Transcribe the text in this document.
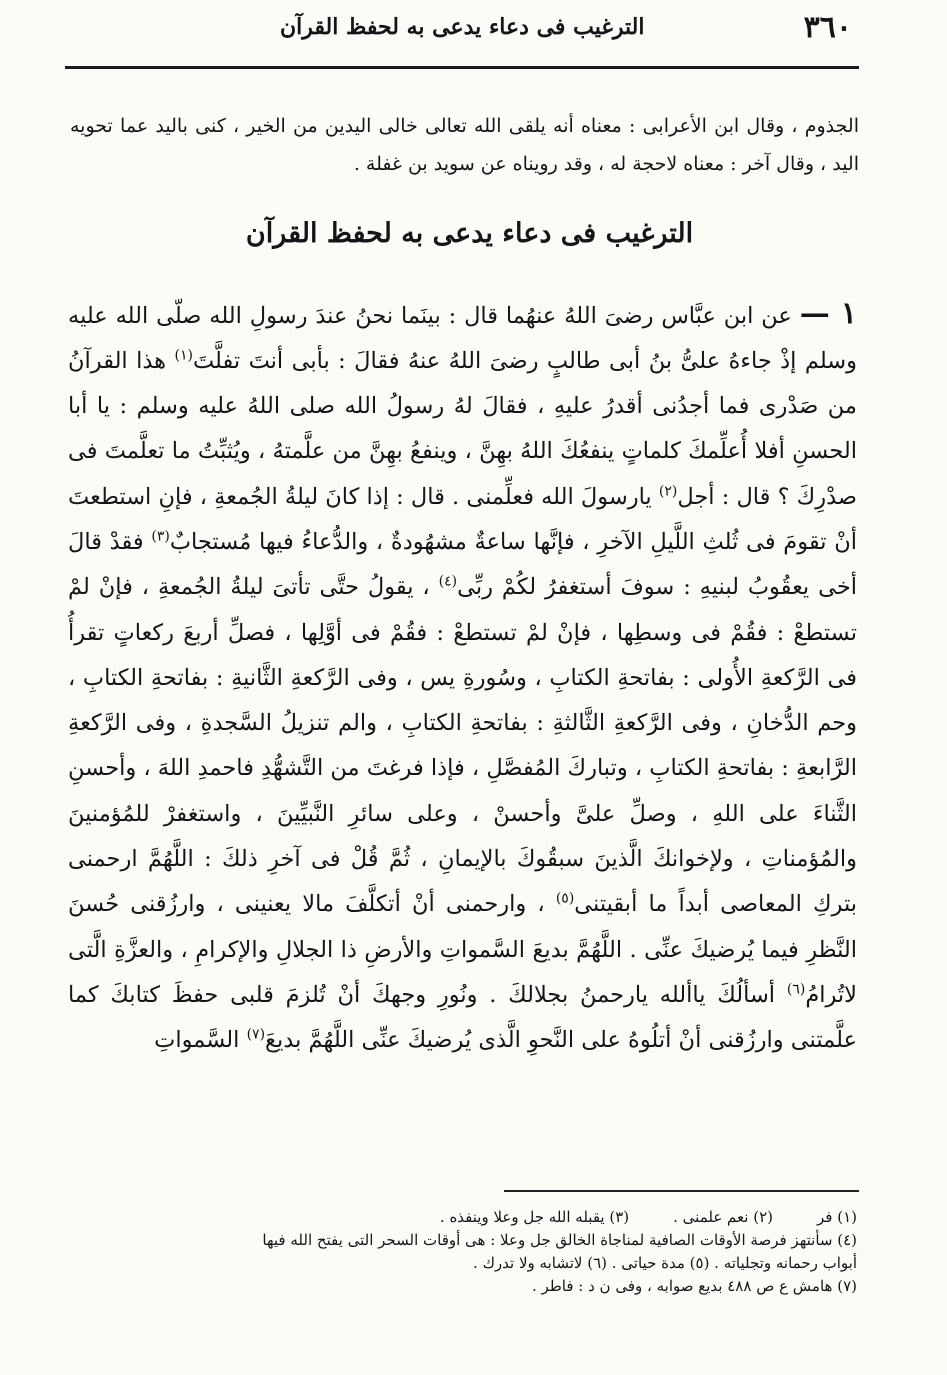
٣٦٠
الترغيب فى دعاء يدعى به لحفظ القرآن

الجذوم ، وقال ابن الأعرابى : معناه أنه يلقى الله تعالى خالى اليدين من الخير ، كنى باليد عما تحويه اليد ، وقال آخر : معناه لاحجة له ، وقد رويناه عن سويد بن غفلة .

الترغيب فى دعاء يدعى به لحفظ القرآن

١ — عن ابن عبَّاس رضىَ اللهُ عنهُما قال : بينَما نحنُ عندَ رسولِ الله صلّى الله عليه وسلم إذْ جاءهُ علىُّ بنُ أبى طالبٍ رضىَ اللهُ عنهُ فقالَ : بأبى أنتَ تفلَّتَ$^{(١)}$ هذا القرآنُ من صَدْرى فما أجدُنى أقدرُ عليهِ ، فقالَ لهُ رسولُ الله صلى اللهُ عليه وسلم : يا أبا الحسنِ أفلا أُعلِّمكَ كلماتٍ ينفعُكَ اللهُ بهِنَّ ، وينفعُ بهِنَّ من علَّمتهُ ، ويُثبِّتُ ما تعلَّمتَ فى صدْرِكَ ؟ قال : أجل$^{(٢)}$ يارسولَ الله فعلِّمنى . قال : إذا كانَ ليلةُ الجُمعةِ ، فإنِ استطعتَ أنْ تقومَ فى ثُلثِ اللَّيلِ الآخرِ ، فإنَّها ساعةٌ مشهُودةٌ ، والدُّعاءُ فيها مُستجابٌ$^{(٣)}$ فقدْ قالَ أخى يعقُوبُ لبنيهِ : سوفَ أستغفرُ لكُمْ ربِّى$^{(٤)}$ ، يقولُ حتَّى تأتىَ ليلةُ الجُمعةِ ، فإنْ لمْ تستطعْ : فقُمْ فى وسطِها ، فإنْ لمْ تستطعْ : فقُمْ فى أوَّلِها ، فصلِّ أربعَ ركعاتٍ تقرأُ فى الرَّكعةِ الأُولى : بفاتحةِ الكتابِ ، وسُورةِ يس ، وفى الرَّكعةِ الثَّانيةِ : بفاتحةِ الكتابِ ، وحم الدُّخانِ ، وفى الرَّكعةِ الثَّالثةِ : بفاتحةِ الكتابِ ، والم تنزيلُ السَّجدةِ ، وفى الرَّكعةِ الرَّابعةِ : بفاتحةِ الكتابِ ، وتباركَ المُفصَّلِ ، فإذا فرغتَ من التَّشهُّدِ فاحمدِ اللهَ ، وأحسنِ الثَّناءَ على اللهِ ، وصلِّ علىَّ وأحسنْ ، وعلى سائرِ النَّبيِّينَ ، واستغفرْ للمُؤمنينَ والمُؤمناتِ ، ولإخوانكَ الَّذينَ سبقُوكَ بالإيمانِ ، ثُمَّ قُلْ فى آخرِ ذلكَ : اللَّهُمَّ ارحمنى بتركِ المعاصى أبداً ما أبقيتنى$^{(٥)}$ ، وارحمنى أنْ أتكلَّفَ مالا يعنينى ، وارزُقنى حُسنَ النَّظرِ فيما يُرضيكَ عنِّى . اللَّهُمَّ بديعَ السَّمواتِ والأرضِ ذا الجلالِ والإكرامِ ، والعزَّةِ الَّتى لاتُرامُ$^{(٦)}$ أسألُكَ ياألله يارحمنُ بجلالكَ . ونُورِ وجهكَ أنْ تُلزمَ قلبى حفظَ كتابكَ كما علَّمتنى وارزُقنى أنْ أتلُوهُ على النَّحوِ الَّذى يُرضيكَ عنِّى اللَّهُمَّ بديعَ$^{(٧)}$ السَّمواتِ

(١) فر
(٢) نعم علمنى .
(٣) يقبله الله جل وعلا وينفذه .
(٤) سأنتهز فرصة الأوقات الصافية لمناجاة الخالق جل وعلا : هى أوقات السحر التى يفتح الله فيها
أبواب رحمانه وتجلياته . (٥) مدة حياتى . (٦) لاتشابه ولا تدرك .
(٧) هامش ع ص ٤٨٨ بديع صوابه ، وفى ن د : فاطر .
